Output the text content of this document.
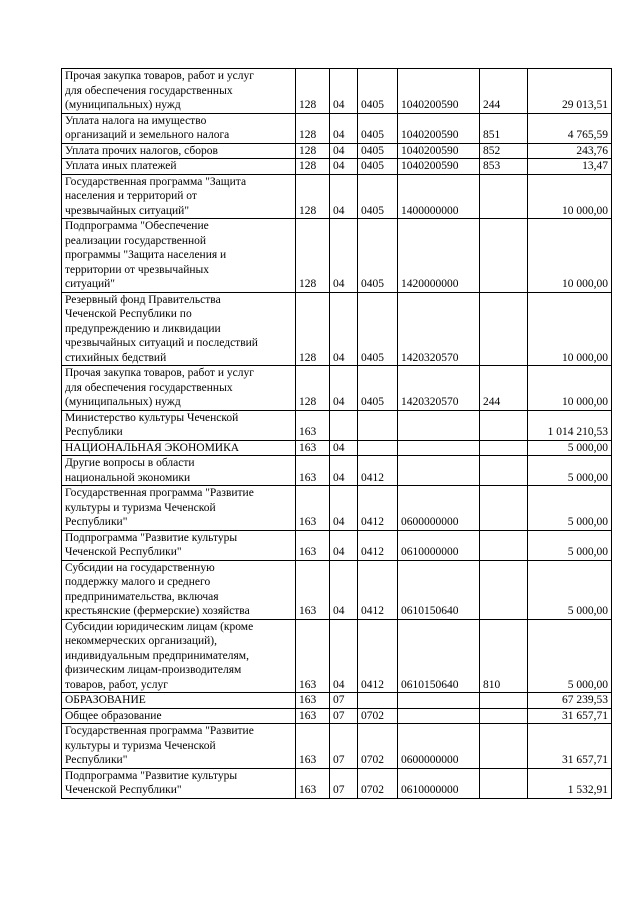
Прочая закупка товаров, работ и услуг
для обеспечения государственных
(муниципальных) нужд	128	04	0405	1040200590	244	29 013,51
Уплата налога на имущество
организаций и земельного налога	128	04	0405	1040200590	851	4 765,59
Уплата прочих налогов, сборов	128	04	0405	1040200590	852	243,76
Уплата иных платежей	128	04	0405	1040200590	853	13,47
Государственная программа "Защита
населения и территорий от
чрезвычайных ситуаций"	128	04	0405	1400000000		10 000,00
Подпрограмма "Обеспечение
реализации государственной
программы "Защита населения и
территории от чрезвычайных
ситуаций"	128	04	0405	1420000000		10 000,00
Резервный фонд Правительства
Чеченской Республики по
предупреждению и ликвидации
чрезвычайных ситуаций и последствий
стихийных бедствий	128	04	0405	1420320570		10 000,00
Прочая закупка товаров, работ и услуг
для обеспечения государственных
(муниципальных) нужд	128	04	0405	1420320570	244	10 000,00
Министерство культуры Чеченской
Республики	163					1 014 210,53
НАЦИОНАЛЬНАЯ ЭКОНОМИКА	163	04				5 000,00
Другие вопросы в области
национальной экономики	163	04	0412			5 000,00
Государственная программа "Развитие
культуры и туризма Чеченской
Республики"	163	04	0412	0600000000		5 000,00
Подпрограмма "Развитие культуры
Чеченской Республики"	163	04	0412	0610000000		5 000,00
Субсидии на государственную
поддержку малого и среднего
предпринимательства, включая
крестьянские (фермерские) хозяйства	163	04	0412	0610150640		5 000,00
Субсидии юридическим лицам (кроме
некоммерческих организаций),
индивидуальным предпринимателям,
физическим лицам-производителям
товаров, работ, услуг	163	04	0412	0610150640	810	5 000,00
ОБРАЗОВАНИЕ	163	07				67 239,53
Общее образование	163	07	0702			31 657,71
Государственная программа "Развитие
культуры и туризма Чеченской
Республики"	163	07	0702	0600000000		31 657,71
Подпрограмма "Развитие культуры
Чеченской Республики"	163	07	0702	0610000000		1 532,91
